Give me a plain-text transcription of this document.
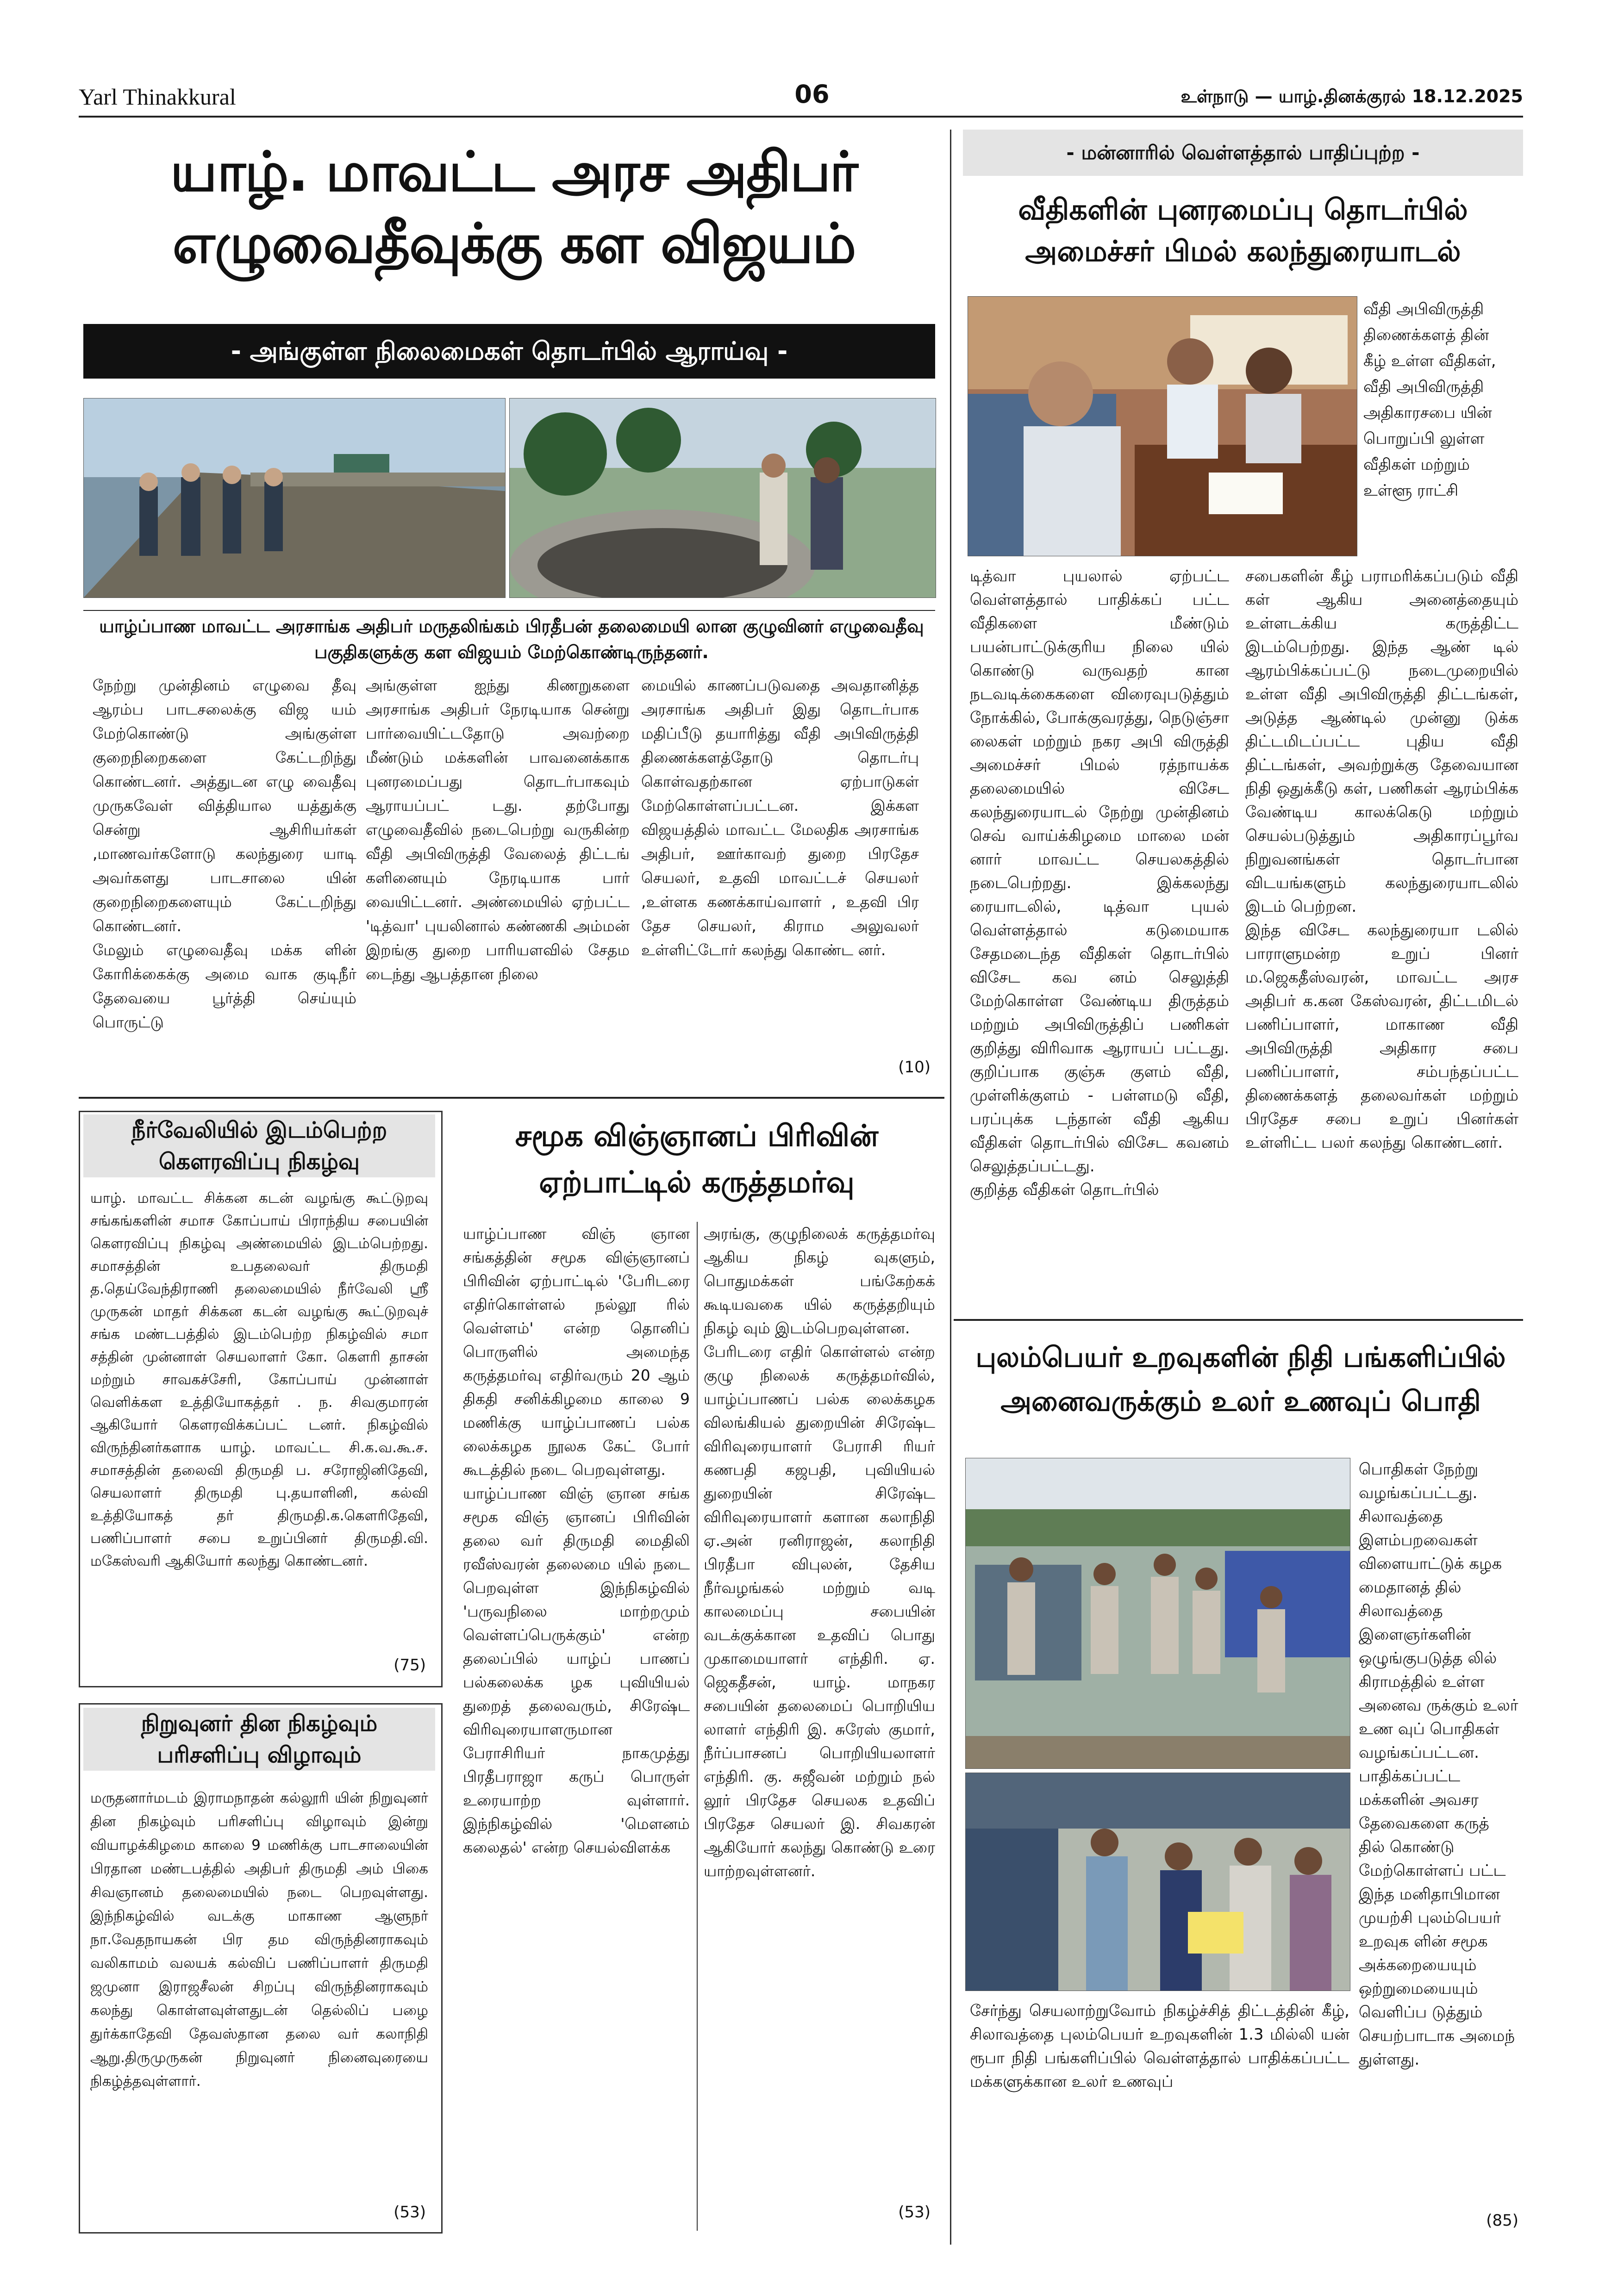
Yarl Thinakkural	06	உள்நாடு — யாழ்.தினக்குரல் 18.12.2025
யாழ். மாவட்ட அரச அதிபர்
எழுவைதீவுக்கு கள விஜயம்
- அங்குள்ள நிலைமைகள் தொடர்பில் ஆராய்வு -
யாழ்ப்பாண மாவட்ட அரசாங்க அதிபர் மருதலிங்கம் பிரதீபன் தலைமையி லான குழுவினர் எழுவைதீவு பகுதிகளுக்கு கள விஜயம் மேற்கொண்டிருந்தனர்.
நேற்று முன்தினம் எழுவை தீவு ஆரம்ப பாடசலைக்கு விஜ யம் மேற்கொண்டு அங்குள்ள குறைநிறைகளை கேட்டறிந்து கொண்டனர். அத்துடன எழு வைதீவு முருகவேள் வித்தியால யத்துக்கு சென்று ஆசிரியர்கள் ,மாணவர்களோடு கலந்துரை யாடி அவர்களது பாடசாலை யின் குறைநிறைகளையும் கேட்டறிந்து கொண்டனர்.
மேலும் எழுவைதீவு மக்க ளின் கோரிக்கைக்கு அமை வாக குடிநீர் தேவையை பூர்த்தி செய்யும் பொருட்டு
அங்குள்ள ஐந்து கிணறுகளை அரசாங்க அதிபர் நேரடியாக சென்று பார்வையிட்டதோடு அவற்றை மீண்டும் மக்களின் பாவனைக்காக புனரமைப்பது தொடர்பாகவும் ஆராயப்பட் டது. தற்போது எழுவைதீவில் நடைபெற்று வருகின்ற வீதி அபிவிருத்தி வேலைத் திட்டங் களினையும் நேரடியாக பார் வையிட்டனர். அண்மையில் ஏற்பட்ட 'டித்வா' புயலினால் கண்ணகி அம்மன் இறங்கு துறை பாரியளவில் சேதம டைந்து ஆபத்தான நிலை
மையில் காணப்படுவதை அவதானித்த அரசாங்க அதிபர் இது தொடர்பாக மதிப்பீடு தயாரித்து வீதி அபிவிருத்தி திணைக்களத்தோடு தொடர்பு கொள்வதற்கான ஏற்பாடுகள் மேற்கொள்ளப்பட்டன. இக்கள விஜயத்தில் மாவட்ட மேலதிக அரசாங்க அதிபர், ஊர்காவற் துறை பிரதேச செயலர், உதவி மாவட்டச் செயலர் ,உள்ளக கணக்காய்வாளர் , உதவி பிர தேச செயலர், கிராம அலுவலர் உள்ளிட்டோர் கலந்து கொண்ட னர்.
(10)
நீர்வேலியில் இடம்பெற்ற
கௌரவிப்பு நிகழ்வு
யாழ். மாவட்ட சிக்கன கடன் வழங்கு கூட்டுறவு சங்கங்களின் சமாச கோப்பாய் பிராந்திய சபையின் கௌரவிப்பு நிகழ்வு அண்மையில் இடம்பெற்றது. சமாசத்தின் உபதலைவர் திருமதி த.தெய்வேந்திராணி தலைமையில் நீர்வேலி ஸ்ரீ முருகன் மாதர் சிக்கன கடன் வழங்கு கூட்டுறவுச் சங்க மண்டபத்தில் இடம்பெற்ற நிகழ்வில் சமா சத்தின் முன்னாள் செயலாளர் கோ. கௌரி தாசன் மற்றும் சாவகச்சேரி, கோப்பாய் முன்னாள் வெளிக்கள உத்தியோகத்தர் . ந. சிவகுமாரன் ஆகியோர் கௌரவிக்கப்பட் டனர். நிகழ்வில் விருந்தினர்களாக யாழ். மாவட்ட சி.க.வ.கூ.ச. சமாசத்தின் தலைவி திருமதி ப. சரோஜினிதேவி, செயலாளர் திருமதி பு.தயாளினி, கல்வி உத்தியோகத் தர் திருமதி.க.கௌரிதேவி, பணிப்பாளர் சபை உறுப்பினர் திருமதி.வி. மகேஸ்வரி ஆகியோர் கலந்து கொண்டனர்.
(75)
நிறுவுனர் தின நிகழ்வும்
பரிசளிப்பு விழாவும்
மருதனார்மடம் இராமநாதன் கல்லூரி யின் நிறுவுனர் தின நிகழ்வும் பரிசளிப்பு விழாவும் இன்று வியாழக்கிழமை காலை 9 மணிக்கு பாடசாலையின் பிரதான மண்டபத்தில் அதிபர் திருமதி அம் பிகை சிவஞானம் தலைமையில் நடை பெறவுள்ளது. இந்நிகழ்வில் வடக்கு மாகாண ஆளுநர் நா.வேதநாயகன் பிர தம விருந்தினராகவும் வலிகாமம் வலயக் கல்விப் பணிப்பாளர் திருமதி ஜமுனா இராஜசீலன் சிறப்பு விருந்தினராகவும் கலந்து கொள்ளவுள்ளதுடன் தெல்லிப் பழை துர்க்காதேவி தேவஸ்தான தலை வர் கலாநிதி ஆறு.திருமுருகன் நிறுவுனர் நினைவுரையை நிகழ்த்தவுள்ளார்.
(53)
சமூக விஞ்ஞானப் பிரிவின்
ஏற்பாட்டில் கருத்தமர்வு
யாழ்ப்பாண விஞ் ஞான சங்கத்தின் சமூக விஞ்ஞானப் பிரிவின் ஏற்பாட்டில் 'பேரிடரை எதிர்கொள்ளல் நல்லூ ரில் வெள்ளம்' என்ற தொனிப் பொருளில் அமைந்த கருத்தமர்வு எதிர்வரும் 20 ஆம் திகதி சனிக்கிழமை காலை 9 மணிக்கு யாழ்ப்பாணப் பல்க லைக்கழக நூலக கேட் போர் கூடத்தில் நடை பெறவுள்ளது.
யாழ்ப்பாண விஞ் ஞான சங்க சமூக விஞ் ஞானப் பிரிவின் தலை வர் திருமதி மைதிலி ரவீஸ்வரன் தலைமை யில் நடை பெறவுள்ள இந்நிகழ்வில் 'பருவநிலை மாற்றமும் வெள்ளப்பெருக்கும்' என்ற தலைப்பில் யாழ்ப் பாணப் பல்கலைக்க ழக புவியியல் துறைத் தலைவரும், சிரேஷ்ட விரிவுரையாளருமான பேராசிரியர் நாகமுத்து பிரதீபராஜா கருப் பொருள் உரையாற்ற வுள்ளார். இந்நிகழ்வில் 'மௌனம் கலைதல்' என்ற செயல்விளக்க
அரங்கு, குழுநிலைக் கருத்தமர்வு ஆகிய நிகழ் வுகளும், பொதுமக்கள் பங்கேற்கக் கூடியவகை யில் கருத்தறியும் நிகழ் வும் இடம்பெறவுள்ளன.
பேரிடரை எதிர் கொள்ளல் என்ற குழு நிலைக் கருத்தமர்வில், யாழ்ப்பாணப் பல்க லைக்கழக விலங்கியல் துறையின் சிரேஷ்ட விரிவுரையாளர் பேராசி ரியர் கணபதி கஜபதி, புவியியல் துறையின் சிரேஷ்ட விரிவுரையாளர் களான கலாநிதி ஏ.அன் ரனிராஜன், கலாநிதி பிரதீபா விபுலன், தேசிய நீர்வழங்கல் மற்றும் வடி காலமைப்பு சபையின் வடக்குக்கான உதவிப் பொது முகாமையாளர் எந்திரி. ஏ. ஜெகதீசன், யாழ். மாநகர சபையின் தலைமைப் பொறியிய லாளர் எந்திரி இ. சுரேஸ் குமார், நீர்ப்பாசனப் பொறியியலாளர் எந்திரி. கு. சுஜீவன் மற்றும் நல் லூர் பிரதேச செயலக உதவிப் பிரதேச செயலர் இ. சிவகரன் ஆகியோர் கலந்து கொண்டு உரை யாற்றவுள்ளனர்.
(53)
- மன்னாரில் வெள்ளத்தால் பாதிப்புற்ற -
வீதிகளின் புனரமைப்பு தொடர்பில்
அமைச்சர் பிமல் கலந்துரையாடல்
வீதி அபிவிருத்தி திணைக்களத் தின் கீழ் உள்ள வீதிகள், வீதி அபிவிருத்தி அதிகாரசபை யின் பொறுப்பி லுள்ள வீதிகள் மற்றும் உள்ளூ ராட்சி
டித்வா புயலால் ஏற்பட்ட வெள்ளத்தால் பாதிக்கப் பட்ட வீதிகளை மீண்டும் பயன்பாட்டுக்குரிய நிலை யில் கொண்டு வருவதற் கான நடவடிக்கைகளை விரைவுபடுத்தும் நோக்கில், போக்குவரத்து, நெடுஞ்சா லைகள் மற்றும் நகர அபி விருத்தி அமைச்சர் பிமல் ரத்நாயக்க தலைமையில் விசேட கலந்துரையாடல் நேற்று முன்தினம் செவ் வாய்க்கிழமை மாலை மன் னார் மாவட்ட செயலகத்தில் நடைபெற்றது. இக்கலந்து ரையாடலில், டித்வா புயல் வெள்ளத்தால் கடுமையாக சேதமடைந்த வீதிகள் தொடர்பில் விசேட கவ னம் செலுத்தி மேற்கொள்ள வேண்டிய திருத்தம் மற்றும் அபிவிருத்திப் பணிகள் குறித்து விரிவாக ஆராயப் பட்டது. குறிப்பாக குஞ்சு குளம் வீதி, முள்ளிக்குளம் - பள்ளமடு வீதி, பரப்புக்க டந்தான் வீதி ஆகிய வீதிகள் தொடர்பில் விசேட கவனம் செலுத்தப்பட்டது.
குறித்த வீதிகள் தொடர்பில்
சபைகளின் கீழ் பராமரிக்கப்படும் வீதி கள் ஆகிய அனைத்தையும் உள்ளடக்கிய கருத்திட்ட இடம்பெற்றது. இந்த ஆண் டில் ஆரம்பிக்கப்பட்டு நடைமுறையில் உள்ள வீதி அபிவிருத்தி திட்டங்கள், அடுத்த ஆண்டில் முன்னு டுக்க திட்டமிடப்பட்ட புதிய வீதி திட்டங்கள், அவற்றுக்கு தேவையான நிதி ஒதுக்கீடு கள், பணிகள் ஆரம்பிக்க வேண்டிய காலக்கெடு மற்றும் செயல்படுத்தும் அதிகாரப்பூர்வ நிறுவனங்கள் தொடர்பான விடயங்களும் கலந்துரையாடலில் இடம் பெற்றன.
இந்த விசேட கலந்துரையா டலில் பாராளுமன்ற உறுப் பினர் ம.ஜெகதீஸ்வரன், மாவட்ட அரச அதிபர் க.கன கேஸ்வரன், திட்டமிடல் பணிப்பாளர், மாகாண வீதி அபிவிருத்தி அதிகார சபை பணிப்பாளர், சம்பந்தப்பட்ட திணைக்களத் தலைவர்கள் மற்றும் பிரதேச சபை உறுப் பினர்கள் உள்ளிட்ட பலர் கலந்து கொண்டனர்.
புலம்பெயர் உறவுகளின் நிதி பங்களிப்பில்
அனைவருக்கும் உலர் உணவுப் பொதி
பொதிகள் நேற்று வழங்கப்பட்டது. சிலாவத்தை இளம்பறவைகள் விளையாட்டுக் கழக மைதானத் தில் சிலாவத்தை இளைஞர்களின் ஒழுங்குபடுத்த லில் கிராமத்தில் உள்ள அனைவ ருக்கும் உலர் உண வுப் பொதிகள் வழங்கப்பட்டன.
பாதிக்கப்பட்ட மக்களின் அவசர தேவைகளை கருத் தில் கொண்டு மேற்கொள்ளப் பட்ட இந்த மனிதாபிமான முயற்சி புலம்பெயர் உறவுக ளின் சமூக அக்கறையையும் ஒற்றுமையையும் வெளிப்ப டுத்தும் செயற்பாடாக அமைந் துள்ளது.
சேர்ந்து செயலாற்றுவோம் நிகழ்ச்சித் திட்டத்தின் கீழ், சிலாவத்தை புலம்பெயர் உறவுகளின் 1.3 மில்லி யன் ரூபா நிதி பங்களிப்பில் வெள்ளத்தால் பாதிக்கப்பட்ட மக்களுக்கான உலர் உணவுப்
(85)
